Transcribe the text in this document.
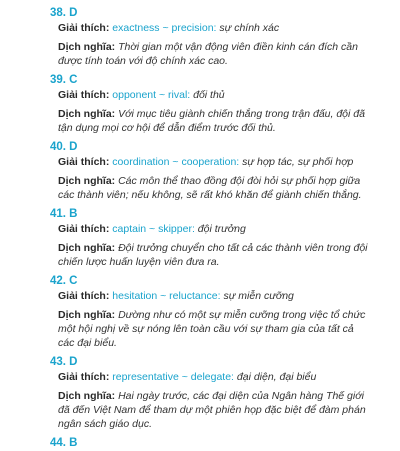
38. D
Giải thích: exactness ~ precision: sự chính xác
Dịch nghĩa: Thời gian một vận động viên điền kinh cán đích cần được tính toán với độ chính xác cao.
39. C
Giải thích: opponent ~ rival: đối thủ
Dịch nghĩa: Với mục tiêu giành chiến thắng trong trận đấu, đội đã tận dụng mọi cơ hội để dẫn điểm trước đối thủ.
40. D
Giải thích: coordination ~ cooperation: sự hợp tác, sự phối hợp
Dịch nghĩa: Các môn thể thao đồng đội đòi hỏi sự phối hợp giữa các thành viên; nếu không, sẽ rất khó khăn để giành chiến thắng.
41. B
Giải thích: captain ~ skipper: đội trưởng
Dịch nghĩa: Đội trưởng chuyển cho tất cả các thành viên trong đội chiến lược huấn luyện viên đưa ra.
42. C
Giải thích: hesitation ~ reluctance: sự miễn cưỡng
Dịch nghĩa: Dường như có một sự miễn cưỡng trong việc tổ chức một hội nghị về sự nóng lên toàn cầu với sự tham gia của tất cả các đại biểu.
43. D
Giải thích: representative ~ delegate: đại diện, đại biểu
Dịch nghĩa: Hai ngày trước, các đại diện của Ngân hàng Thế giới đã đến Việt Nam để tham dự một phiên họp đặc biệt để đàm phán ngân sách giáo dục.
44. B
